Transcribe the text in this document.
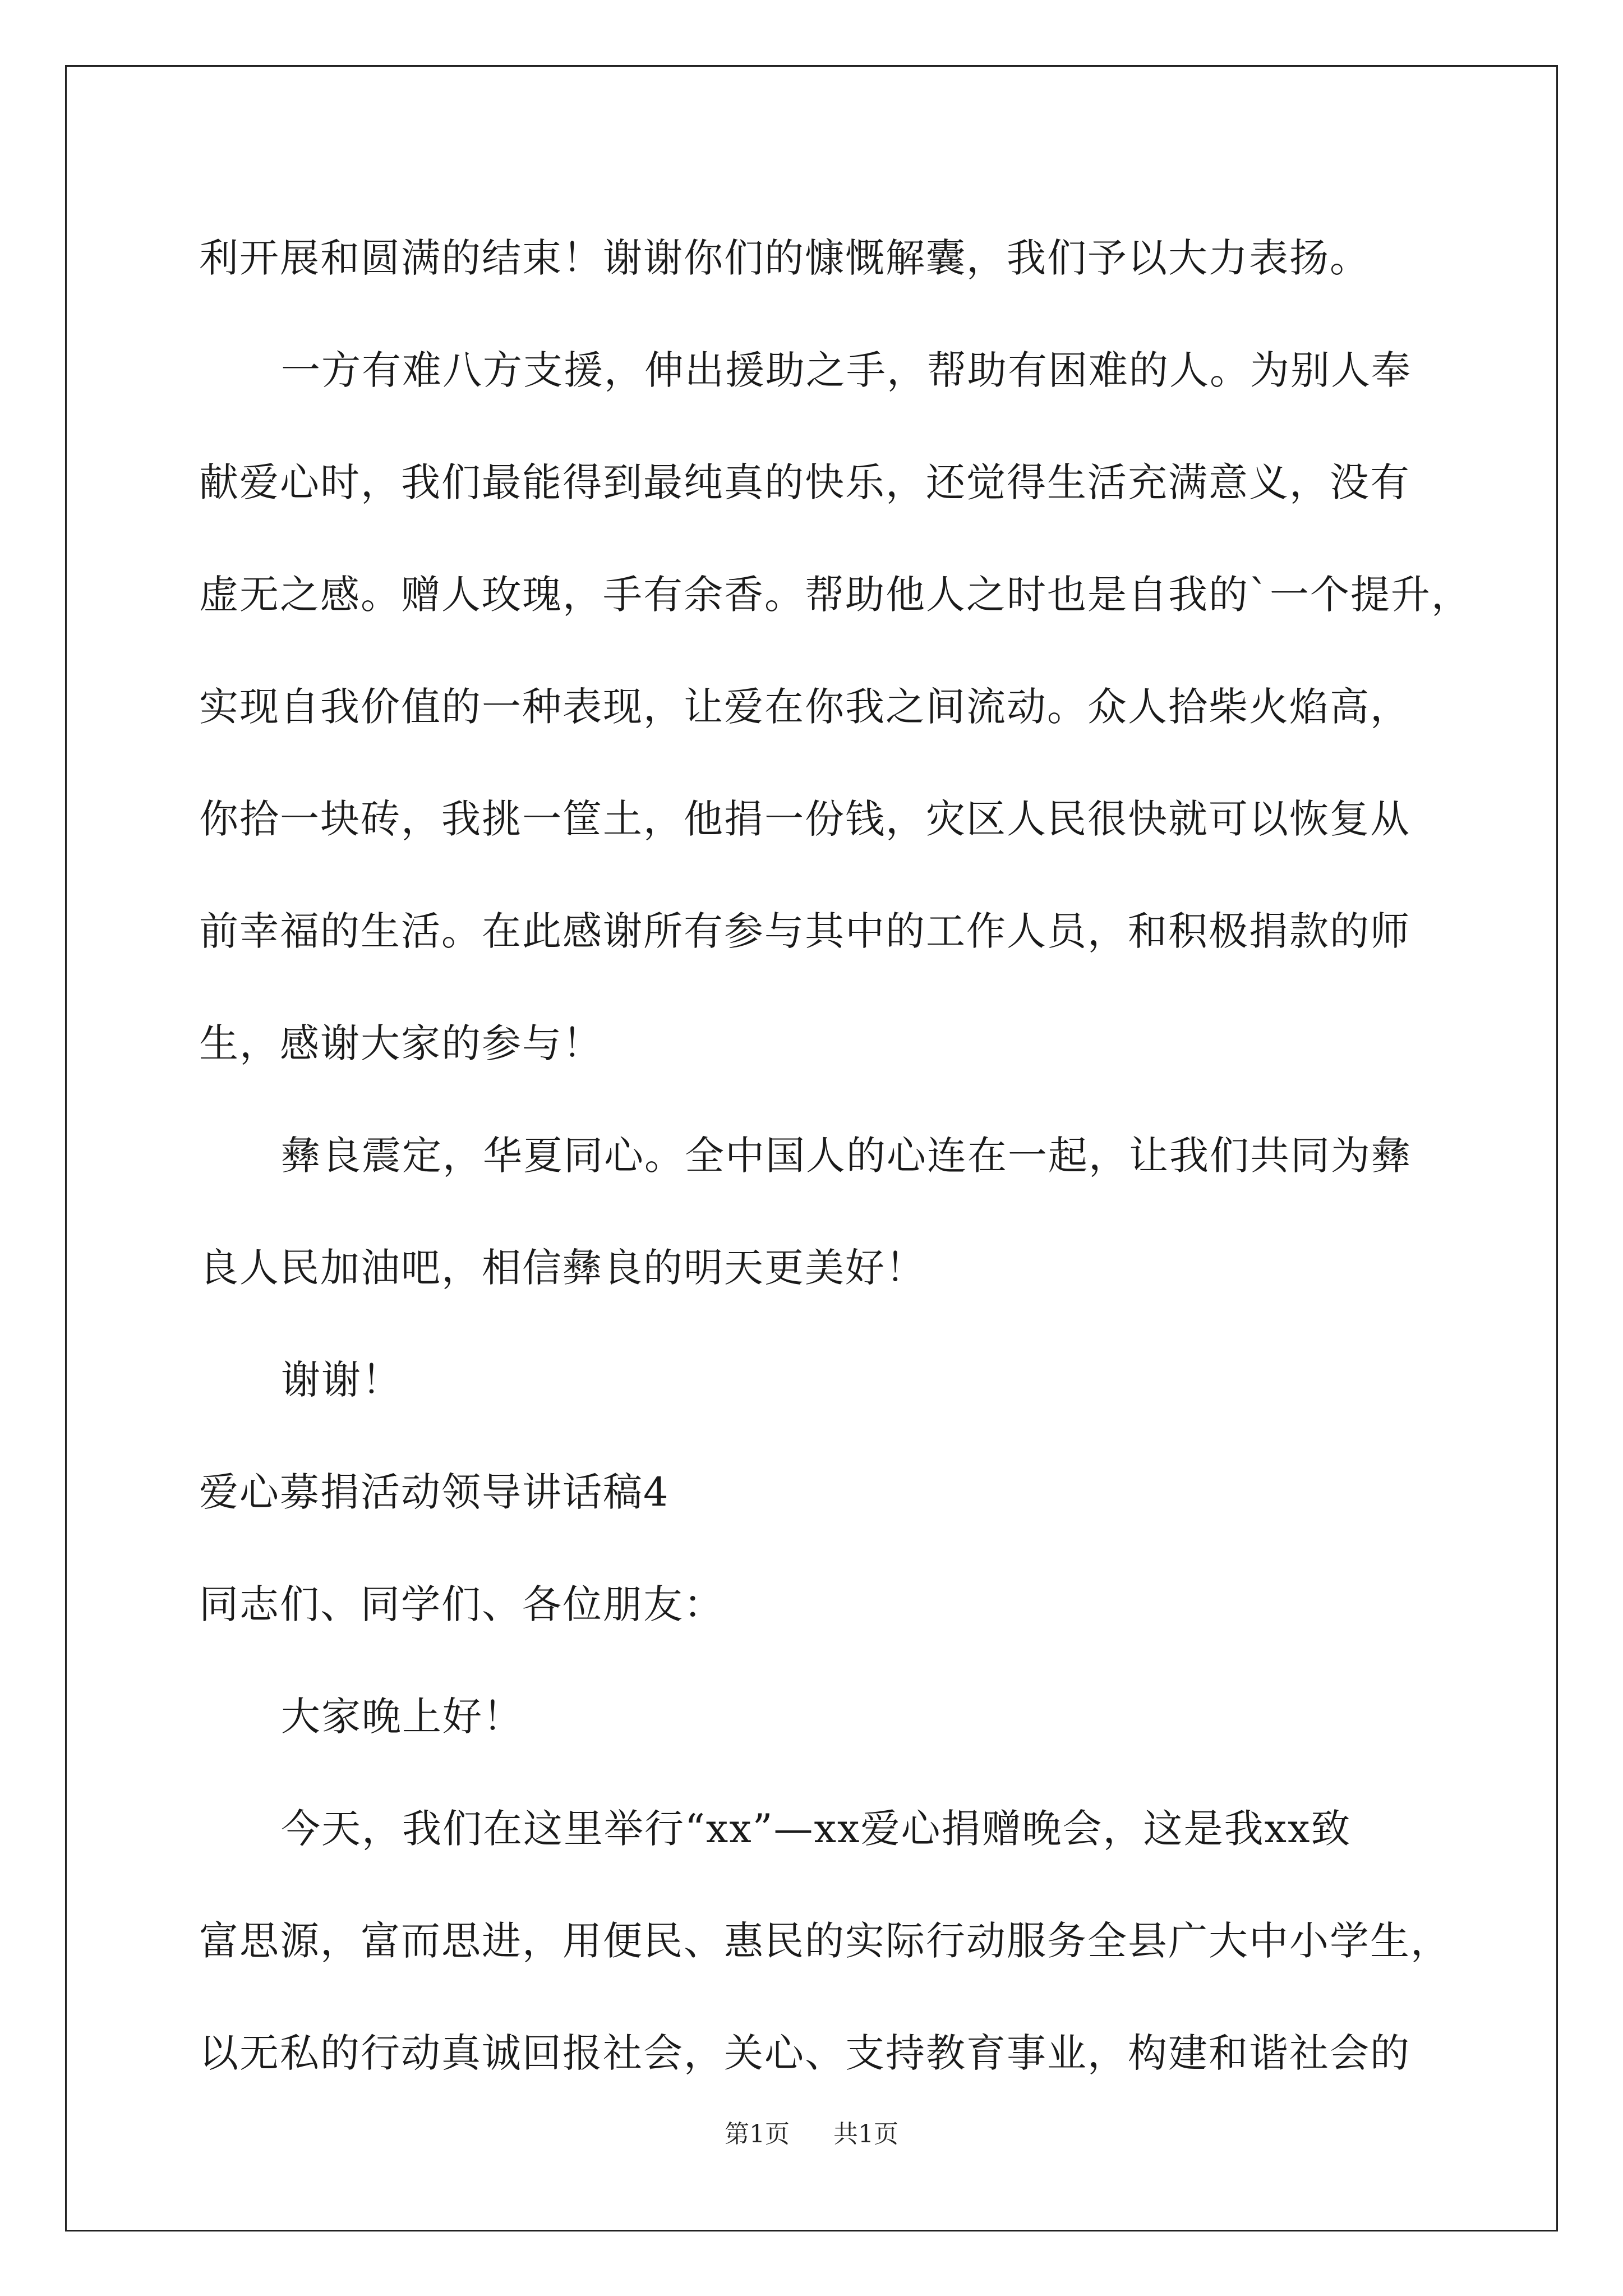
利开展和圆满的结束！谢谢你们的慷慨解囊，我们予以大力表扬。
一方有难八方支援，伸出援助之手，帮助有困难的人。为别人奉
献爱心时，我们最能得到最纯真的快乐，还觉得生活充满意义，没有
虚无之感。赠人玫瑰，手有余香。帮助他人之时也是自我的`一个提升，
实现自我价值的一种表现，让爱在你我之间流动。众人拾柴火焰高，
你拾一块砖，我挑一筐土，他捐一份钱，灾区人民很快就可以恢复从
前幸福的生活。在此感谢所有参与其中的工作人员，和积极捐款的师
生，感谢大家的参与！
彝良震定，华夏同心。全中国人的心连在一起，让我们共同为彝
良人民加油吧，相信彝良的明天更美好！
谢谢！
爱心募捐活动领导讲话稿4
同志们、同学们、各位朋友：
大家晚上好！
今天，我们在这里举行“xx”—xx爱心捐赠晚会，这是我xx致
富思源，富而思进，用便民、惠民的实际行动服务全县广大中小学生，
以无私的行动真诚回报社会，关心、支持教育事业，构建和谐社会的
第1页 共1页
